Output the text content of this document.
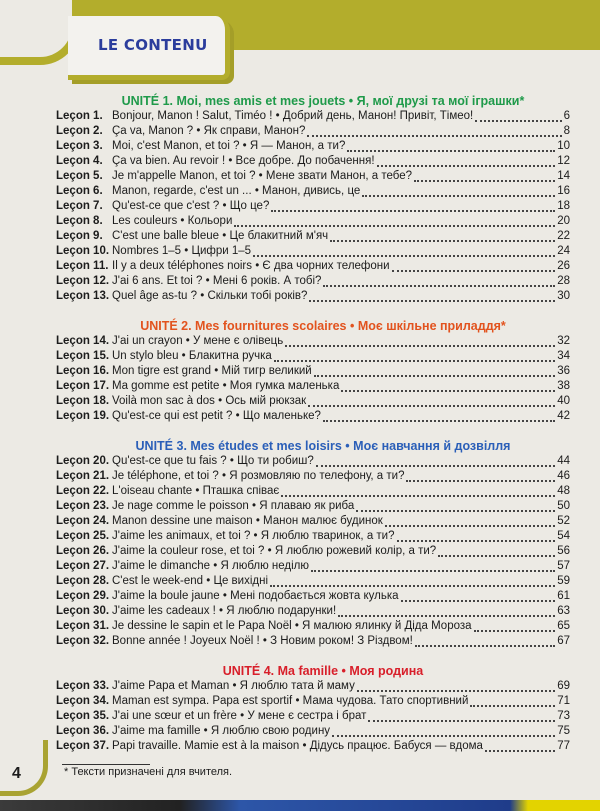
LE CONTENU
UNITÉ 1. Moi, mes amis et mes jouets • Я, мої друзі та мої іграшки*
Leçon 1. Bonjour, Manon ! Salut, Timéo ! • Добрий день, Манон! Привіт, Тімео!	6
Leçon 2. Ça va, Manon ? • Як справи, Манон?	8
Leçon 3. Moi, c'est Manon, et toi ? • Я — Манон, а ти?	10
Leçon 4. Ça va bien. Au revoir ! • Все добре. До побачення!	12
Leçon 5. Je m'appelle Manon, et toi ? • Мене звати Манон, а тебе?	14
Leçon 6. Manon, regarde, c'est un ... • Манон, дивись, це	16
Leçon 7. Qu'est-ce que c'est ? • Що це?	18
Leçon 8. Les couleurs • Кольори	20
Leçon 9. C'est une balle bleue • Це блакитний м'яч	22
Leçon 10. Nombres 1–5 • Цифри 1–5	24
Leçon 11. Il y a deux téléphones noirs • Є два чорних телефони	26
Leçon 12. J'ai 6 ans. Et toi ? • Мені 6 років. А тобі?	28
Leçon 13. Quel âge as-tu ? • Скільки тобі років?	30
UNITÉ 2. Mes fournitures scolaires • Моє шкільне приладдя*
Leçon 14. J'ai un crayon • У мене є олівець	32
Leçon 15. Un stylo bleu • Блакитна ручка	34
Leçon 16. Mon tigre est grand • Мій тигр великий	36
Leçon 17. Ma gomme est petite • Моя гумка маленька	38
Leçon 18. Voilà mon sac à dos • Ось мій рюкзак	40
Leçon 19. Qu'est-ce qui est petit ? • Що маленьке?	42
UNITÉ 3. Mes études et mes loisirs • Моє навчання й дозвілля
Leçon 20. Qu'est-ce que tu fais ? • Що ти робиш?	44
Leçon 21. Je téléphone, et toi ? • Я розмовляю по телефону, а ти?	46
Leçon 22. L'oiseau chante • Пташка співає	48
Leçon 23. Je nage comme le poisson • Я плаваю як риба	50
Leçon 24. Manon dessine une maison • Манон малює будинок	52
Leçon 25. J'aime les animaux, et toi ? • Я люблю тваринок, а ти?	54
Leçon 26. J'aime la couleur rose, et toi ? • Я люблю рожевий колір, а ти?	56
Leçon 27. J'aime le dimanche • Я люблю неділю	57
Leçon 28. C'est le week-end • Це вихідні	59
Leçon 29. J'aime la boule jaune • Мені подобається жовта кулька	61
Leçon 30. J'aime les cadeaux ! • Я люблю подарунки!	63
Leçon 31. Je dessine le sapin et le Papa Noël • Я малюю ялинку й Діда Мороза	65
Leçon 32. Bonne année ! Joyeux Noël ! • З Новим роком! З Різдвом!	67
UNITÉ 4. Ma famille • Моя родина
Leçon 33. J'aime Papa et Maman • Я люблю тата й маму	69
Leçon 34. Maman est sympa. Papa est sportif • Мама чудова. Тато спортивний	71
Leçon 35. J'ai une sœur et un frère • У мене є сестра і брат	73
Leçon 36. J'aime ma famille • Я люблю свою родину	75
Leçon 37. Papi travaille. Mamie est à la maison • Дідусь працює. Бабуся — вдома	77
4	* Тексти призначені для вчителя.
